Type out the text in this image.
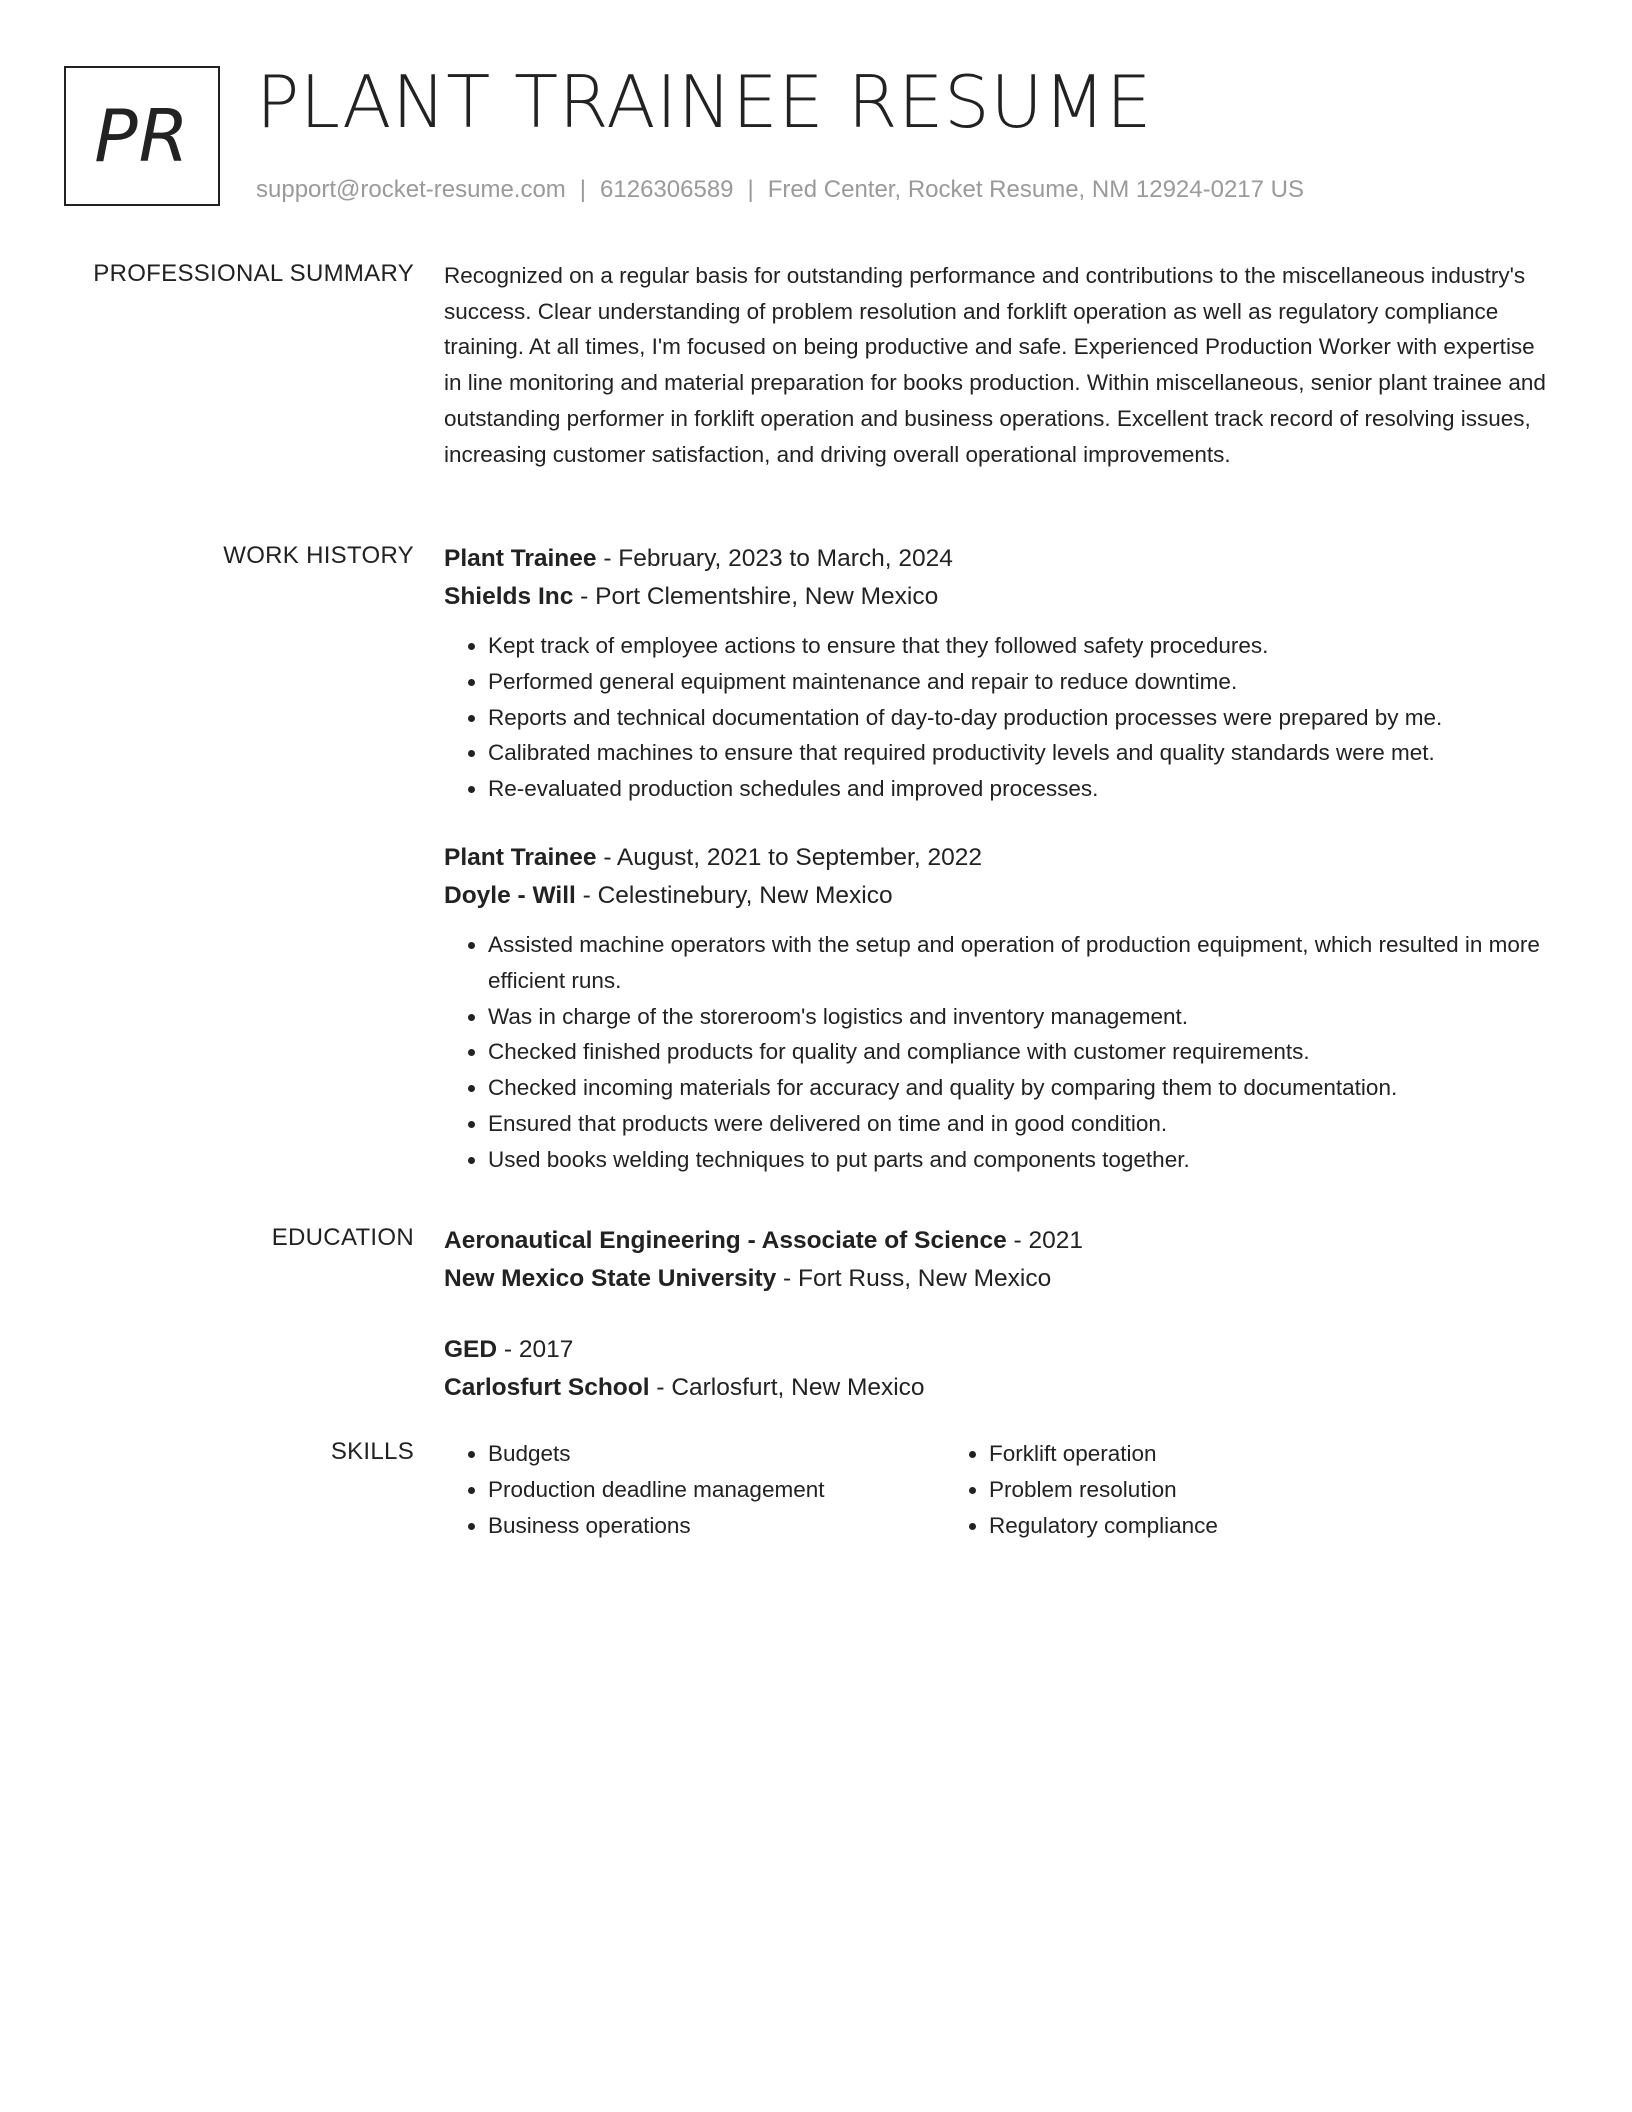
PR PLANT TRAINEE RESUME
support@rocket-resume.com | 6126306589 | Fred Center, Rocket Resume, NM 12924-0217 US
PROFESSIONAL SUMMARY Recognized on a regular basis for outstanding performance and contributions to the miscellaneous industry's success. Clear understanding of problem resolution and forklift operation as well as regulatory compliance training. At all times, I'm focused on being productive and safe. Experienced Production Worker with expertise in line monitoring and material preparation for books production. Within miscellaneous, senior plant trainee and outstanding performer in forklift operation and business operations. Excellent track record of resolving issues, increasing customer satisfaction, and driving overall operational improvements.

WORK HISTORY Plant Trainee - February, 2023 to March, 2024
Shields Inc - Port Clementshire, New Mexico
• Kept track of employee actions to ensure that they followed safety procedures.
• Performed general equipment maintenance and repair to reduce downtime.
• Reports and technical documentation of day-to-day production processes were prepared by me.
• Calibrated machines to ensure that required productivity levels and quality standards were met.
• Re-evaluated production schedules and improved processes.
Plant Trainee - August, 2021 to September, 2022
Doyle - Will - Celestinebury, New Mexico
• Assisted machine operators with the setup and operation of production equipment, which resulted in more efficient runs.
• Was in charge of the storeroom's logistics and inventory management.
• Checked finished products for quality and compliance with customer requirements.
• Checked incoming materials for accuracy and quality by comparing them to documentation.
• Ensured that products were delivered on time and in good condition.
• Used books welding techniques to put parts and components together.
EDUCATION Aeronautical Engineering - Associate of Science - 2021
New Mexico State University - Fort Russ, New Mexico
GED - 2017
Carlosfurt School - Carlosfurt, New Mexico
SKILLS
•	Budgets
• Production deadline management
• Business operations
• Forklift operation
• Problem resolution
• Regulatory compliance
